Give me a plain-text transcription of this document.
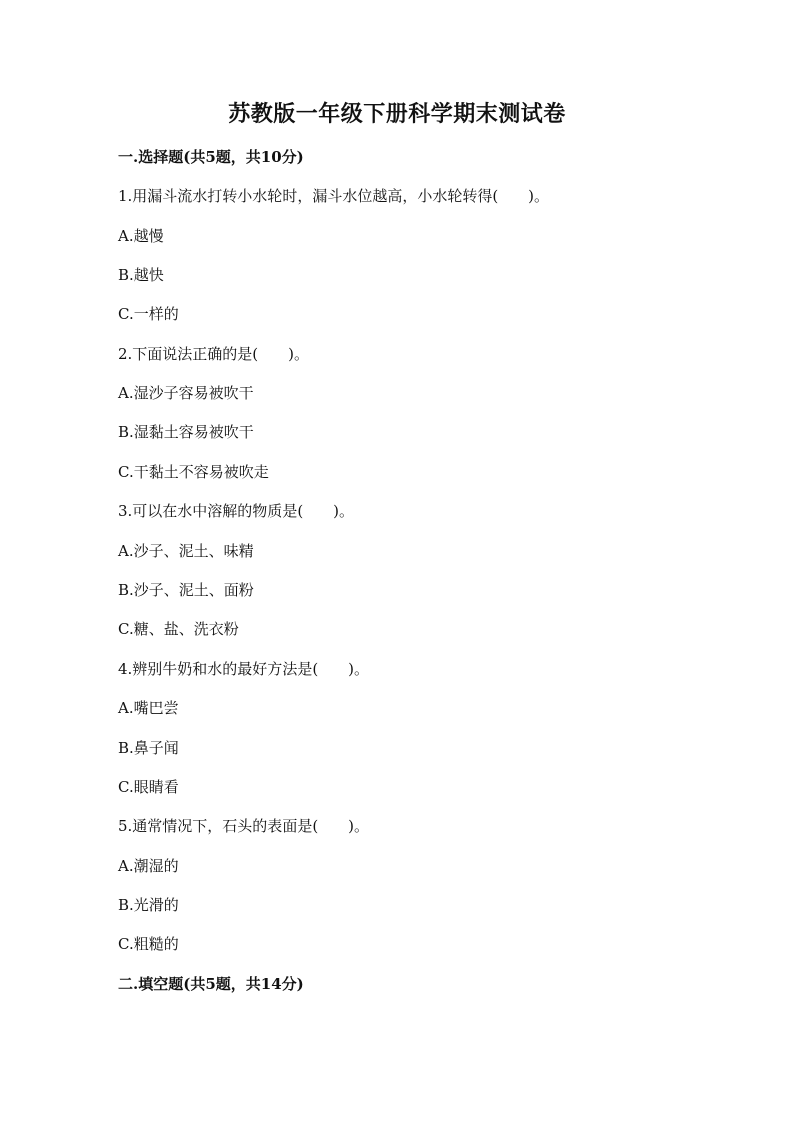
苏教版一年级下册科学期末测试卷
一.选择题(共5题，共10分)
1.用漏斗流水打转小水轮时，漏斗水位越高，小水轮转得(　　)。
A.越慢
B.越快
C.一样的
2.下面说法正确的是(　　)。
A.湿沙子容易被吹干
B.湿黏土容易被吹干
C.干黏土不容易被吹走
3.可以在水中溶解的物质是(　　)。
A.沙子、泥土、味精
B.沙子、泥土、面粉
C.糖、盐、洗衣粉
4.辨别牛奶和水的最好方法是(　　)。
A.嘴巴尝
B.鼻子闻
C.眼睛看
5.通常情况下，石头的表面是(　　)。
A.潮湿的
B.光滑的
C.粗糙的
二.填空题(共5题，共14分)
